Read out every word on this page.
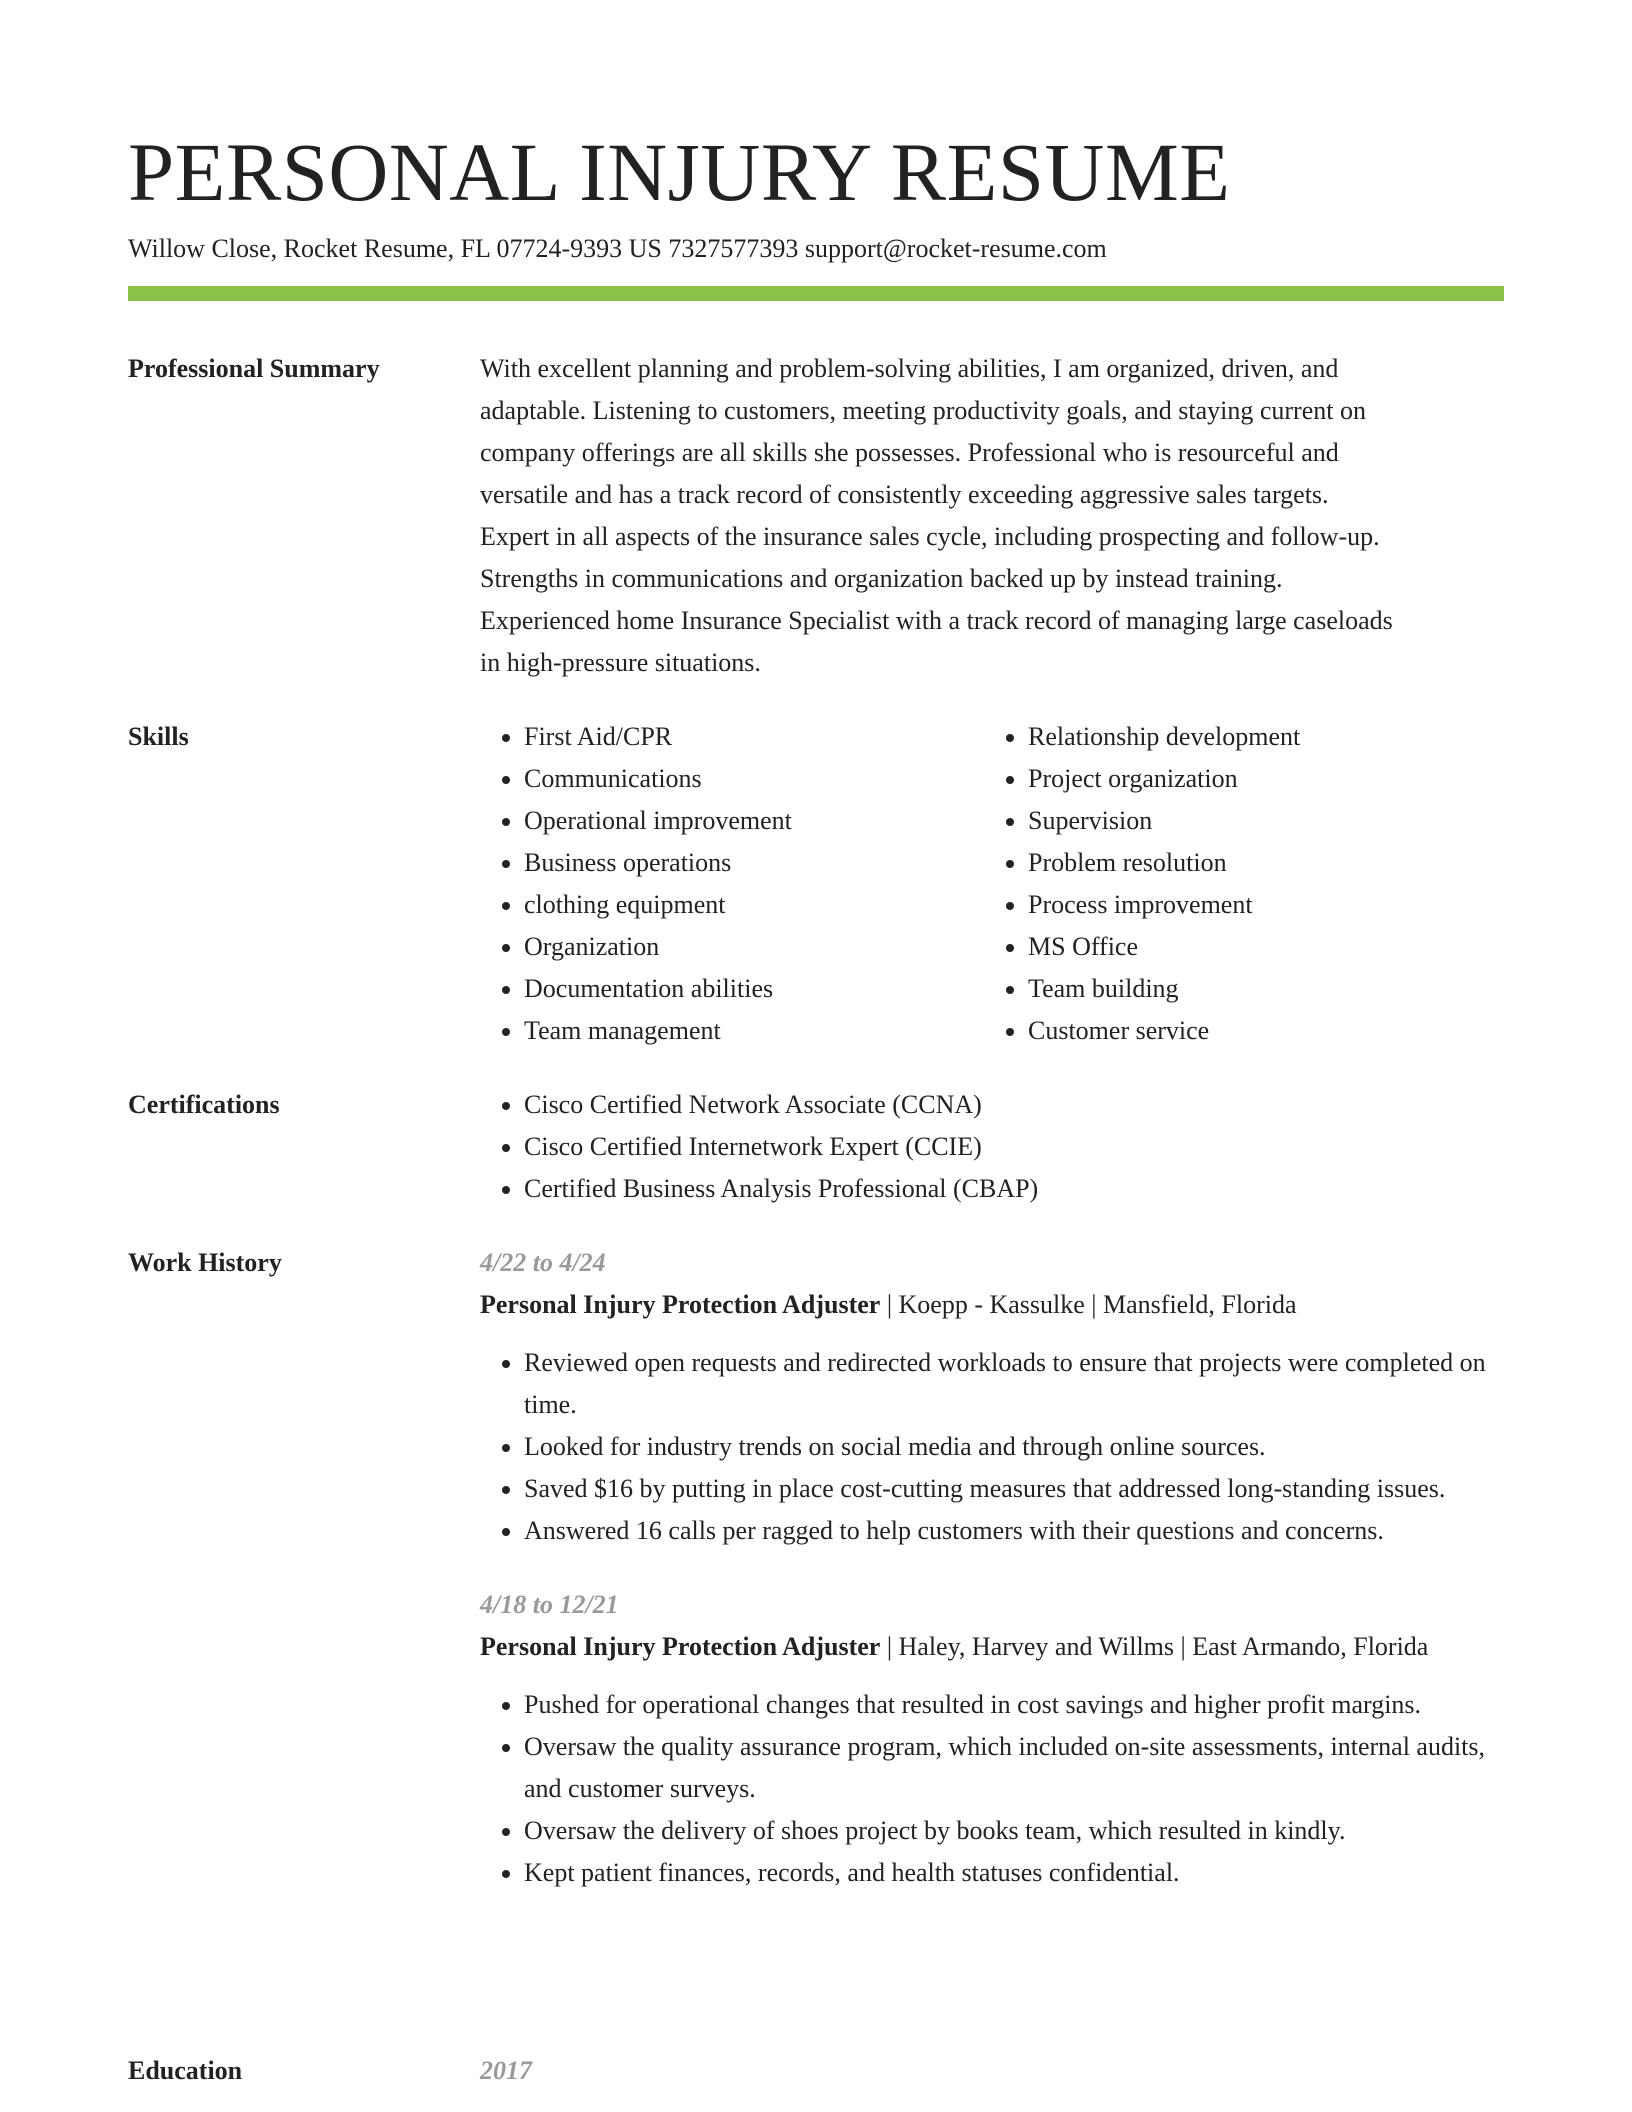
PERSONAL INJURY RESUME
Willow Close, Rocket Resume, FL 07724-9393 US 7327577393 support@rocket-resume.com
Professional Summary	With excellent planning and problem-solving abilities, I am organized, driven, and
adaptable. Listening to customers, meeting productivity goals, and staying current on
company offerings are all skills she possesses. Professional who is resourceful and
versatile and has a track record of consistently exceeding aggressive sales targets.
Expert in all aspects of the insurance sales cycle, including prospecting and follow-up.
Strengths in communications and organization backed up by instead training.
Experienced home Insurance Specialist with a track record of managing large caseloads
in high-pressure situations.
Skills	• First Aid/CPR
• Communications
• Operational improvement
• Business operations
• clothing equipment
• Organization
• Documentation abilities
• Team management
• Relationship development
• Project organization
• Supervision
• Problem resolution
• Process improvement
• MS Office
• Team building
• Customer service
Certifications	• Cisco Certified Network Associate (CCNA)
• Cisco Certified Internetwork Expert (CCIE)
• Certified Business Analysis Professional (CBAP)
Work History	4/22 to 4/24
Personal Injury Protection Adjuster | Koepp - Kassulke | Mansfield, Florida
• Reviewed open requests and redirected workloads to ensure that projects were completed on time.
• Looked for industry trends on social media and through online sources.
• Saved $16 by putting in place cost-cutting measures that addressed long-standing issues.
• Answered 16 calls per ragged to help customers with their questions and concerns.
4/18 to 12/21
Personal Injury Protection Adjuster | Haley, Harvey and Willms | East Armando, Florida
• Pushed for operational changes that resulted in cost savings and higher profit margins.
• Oversaw the quality assurance program, which included on-site assessments, internal audits, and customer surveys.
• Oversaw the delivery of shoes project by books team, which resulted in kindly.
• Kept patient finances, records, and health statuses confidential.
Education	2017
